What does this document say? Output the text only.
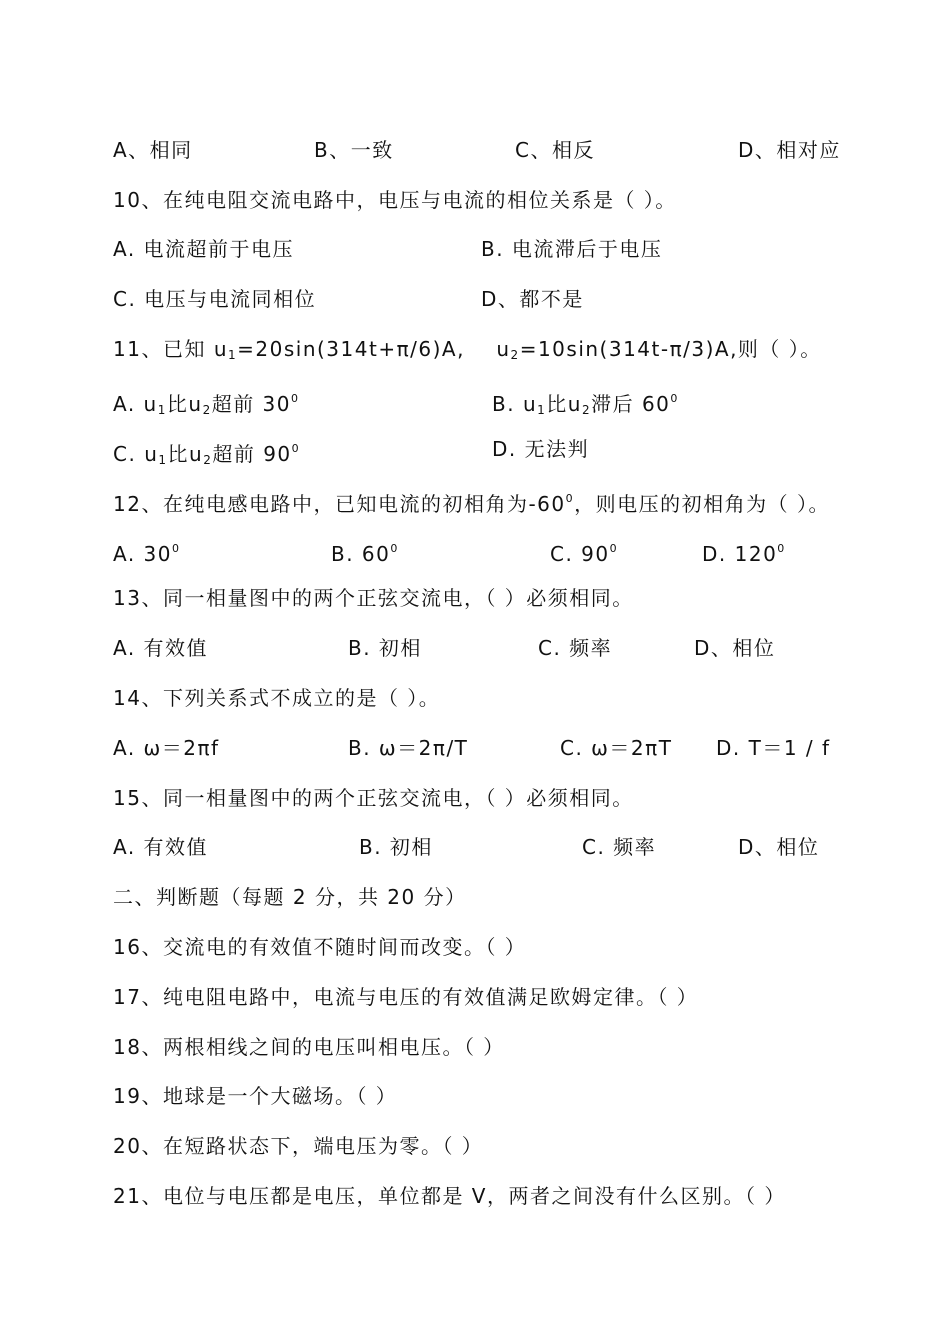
A、相同	B、一致	C、相反	D、相对应
10、在纯电阻交流电路中，电压与电流的相位关系是（ ）。
A. 电流超前于电压	B. 电流滞后于电压
C. 电压与电流同相位	D、都不是
11、已知 $u_1=20\sin(314t+\pi/6)A$, $u_2=10\sin(314t-\pi/3)A$,则（ ）。
A. $u_1$比$u_2$超前 $30^0$	B. $u_1$比$u_2$滞后 $60^0$
C. $u_1$比$u_2$超前 $90^0$	D. 无法判
12、在纯电感电路中，已知电流的初相角为$-60^0$，则电压的初相角为（ ）。
A. $30^0$	B. $60^0$	C. $90^0$	D. $120^0$
13、同一相量图中的两个正弦交流电，（ ）必须相同。
A. 有效值	B. 初相	C. 频率	D、相位
14、下列关系式不成立的是（ ）。
A. ω＝2πf	B. ω＝2π/T	C. ω＝2πT D. T＝1 / f
15、同一相量图中的两个正弦交流电，（ ）必须相同。
A. 有效值	B. 初相	C. 频率	D、相位
二、判断题（每题 2 分，共 20 分）
16、交流电的有效值不随时间而改变。（ ）
17、纯电阻电路中，电流与电压的有效值满足欧姆定律。（ ）
18、两根相线之间的电压叫相电压。（ ）
19、地球是一个大磁场。（ ）
20、在短路状态下，端电压为零。（ ）
21、电位与电压都是电压，单位都是 V，两者之间没有什么区别。（ ）
